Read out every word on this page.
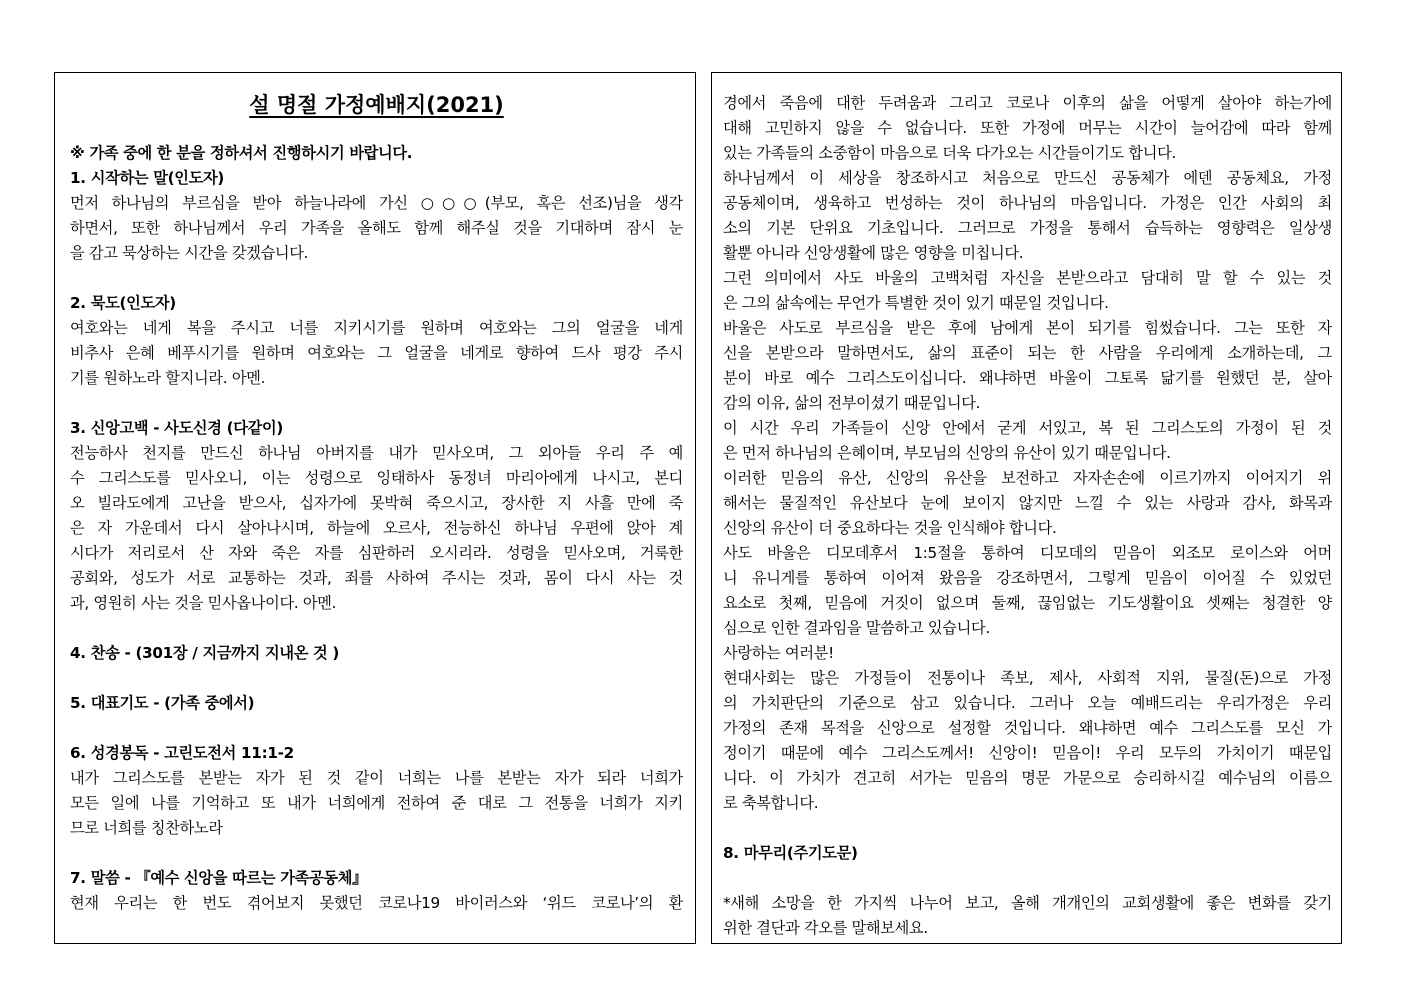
설 명절 가정예배지(2021)
※ 가족 중에 한 분을 정하셔서 진행하시기 바랍니다.
1. 시작하는 말(인도자)
먼저 하나님의 부르심을 받아 하늘나라에 가신 ○○○(부모, 혹은 선조)님을 생각
하면서, 또한 하나님께서 우리 가족을 올해도 함께 해주실 것을 기대하며 잠시 눈
을 감고 묵상하는 시간을 갖겠습니다.
2. 묵도(인도자)
여호와는 네게 복을 주시고 너를 지키시기를 원하며 여호와는 그의 얼굴을 네게
비추사 은혜 베푸시기를 원하며 여호와는 그 얼굴을 네게로 향하여 드사 평강 주시
기를 원하노라 할지니라. 아멘.
3. 신앙고백 - 사도신경 (다같이)
전능하사 천지를 만드신 하나님 아버지를 내가 믿사오며, 그 외아들 우리 주 예
수 그리스도를 믿사오니, 이는 성령으로 잉태하사 동정녀 마리아에게 나시고, 본디
오 빌라도에게 고난을 받으사, 십자가에 못박혀 죽으시고, 장사한 지 사흘 만에 죽
은 자 가운데서 다시 살아나시며, 하늘에 오르사, 전능하신 하나님 우편에 앉아 계
시다가 저리로서 산 자와 죽은 자를 심판하러 오시리라. 성령을 믿사오며, 거룩한
공회와, 성도가 서로 교통하는 것과, 죄를 사하여 주시는 것과, 몸이 다시 사는 것
과, 영원히 사는 것을 믿사옵나이다. 아멘.
4. 찬송 - (301장 / 지금까지 지내온 것 )
5. 대표기도 - (가족 중에서)
6. 성경봉독 - 고린도전서 11:1-2
내가 그리스도를 본받는 자가 된 것 같이 너희는 나를 본받는 자가 되라 너희가
모든 일에 나를 기억하고 또 내가 너희에게 전하여 준 대로 그 전통을 너희가 지키
므로 너희를 칭찬하노라
7. 말씀 - 『예수 신앙을 따르는 가족공동체』
현재 우리는 한 번도 겪어보지 못했던 코로나19 바이러스와 ‘위드 코로나’의 환
경에서 죽음에 대한 두려움과 그리고 코로나 이후의 삶을 어떻게 살아야 하는가에
대해 고민하지 않을 수 없습니다. 또한 가정에 머무는 시간이 늘어감에 따라 함께
있는 가족들의 소중함이 마음으로 더욱 다가오는 시간들이기도 합니다.
하나님께서 이 세상을 창조하시고 처음으로 만드신 공동체가 에덴 공동체요, 가정
공동체이며, 생육하고 번성하는 것이 하나님의 마음입니다. 가정은 인간 사회의 최
소의 기본 단위요 기초입니다. 그러므로 가정을 통해서 습득하는 영향력은 일상생
활뿐 아니라 신앙생활에 많은 영향을 미칩니다.
그런 의미에서 사도 바울의 고백처럼 자신을 본받으라고 담대히 말 할 수 있는 것
은 그의 삶속에는 무언가 특별한 것이 있기 때문일 것입니다.
바울은 사도로 부르심을 받은 후에 남에게 본이 되기를 힘썼습니다. 그는 또한 자
신을 본받으라 말하면서도, 삶의 표준이 되는 한 사람을 우리에게 소개하는데, 그
분이 바로 예수 그리스도이십니다. 왜냐하면 바울이 그토록 닮기를 원했던 분, 살아
감의 이유, 삶의 전부이셨기 때문입니다.
이 시간 우리 가족들이 신앙 안에서 굳게 서있고, 복 된 그리스도의 가정이 된 것
은 먼저 하나님의 은혜이며, 부모님의 신앙의 유산이 있기 때문입니다.
이러한 믿음의 유산, 신앙의 유산을 보전하고 자자손손에 이르기까지 이어지기 위
해서는 물질적인 유산보다 눈에 보이지 않지만 느낄 수 있는 사랑과 감사, 화목과
신앙의 유산이 더 중요하다는 것을 인식해야 합니다.
사도 바울은 디모데후서 1:5절을 통하여 디모데의 믿음이 외조모 로이스와 어머
니 유니게를 통하여 이어져 왔음을 강조하면서, 그렇게 믿음이 이어질 수 있었던
요소로 첫째, 믿음에 거짓이 없으며 둘째, 끊임없는 기도생활이요 셋째는 청결한 양
심으로 인한 결과임을 말씀하고 있습니다.
사랑하는 여러분!
현대사회는 많은 가정들이 전통이나 족보, 제사, 사회적 지위, 물질(돈)으로 가정
의 가치판단의 기준으로 삼고 있습니다. 그러나 오늘 예배드리는 우리가정은 우리
가정의 존재 목적을 신앙으로 설정할 것입니다. 왜냐하면 예수 그리스도를 모신 가
정이기 때문에 예수 그리스도께서! 신앙이! 믿음이! 우리 모두의 가치이기 때문입
니다. 이 가치가 견고히 서가는 믿음의 명문 가문으로 승리하시길 예수님의 이름으
로 축복합니다.
8. 마무리(주기도문)
*새해 소망을 한 가지씩 나누어 보고, 올해 개개인의 교회생활에 좋은 변화를 갖기
위한 결단과 각오를 말해보세요.
